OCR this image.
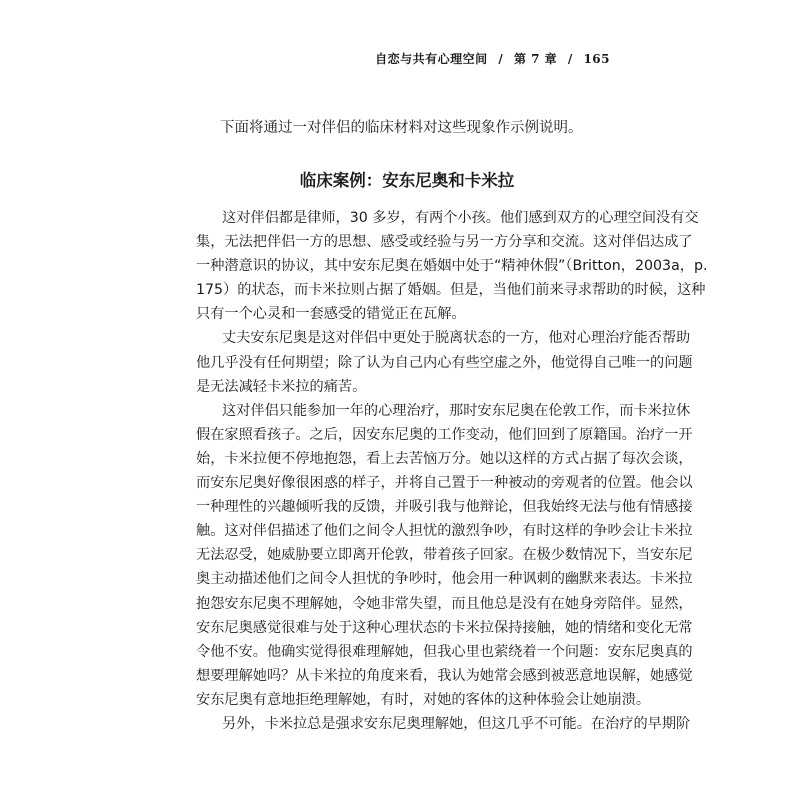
自恋与共有心理空间 / 第 7 章 / 165
下面将通过一对伴侣的临床材料对这些现象作示例说明。
临床案例：安东尼奥和卡米拉
这对伴侣都是律师，30 多岁，有两个小孩。他们感到双方的心理空间没有交
集，无法把伴侣一方的思想、感受或经验与另一方分享和交流。这对伴侣达成了
一种潜意识的协议，其中安东尼奥在婚姻中处于“精神休假”（Britton，2003a，p.
175）的状态，而卡米拉则占据了婚姻。但是，当他们前来寻求帮助的时候，这种
只有一个心灵和一套感受的错觉正在瓦解。
丈夫安东尼奥是这对伴侣中更处于脱离状态的一方，他对心理治疗能否帮助
他几乎没有任何期望；除了认为自己内心有些空虚之外，他觉得自己唯一的问题
是无法减轻卡米拉的痛苦。
这对伴侣只能参加一年的心理治疗，那时安东尼奥在伦敦工作，而卡米拉休
假在家照看孩子。之后，因安东尼奥的工作变动，他们回到了原籍国。治疗一开
始，卡米拉便不停地抱怨，看上去苦恼万分。她以这样的方式占据了每次会谈，
而安东尼奥好像很困惑的样子，并将自己置于一种被动的旁观者的位置。他会以
一种理性的兴趣倾听我的反馈，并吸引我与他辩论，但我始终无法与他有情感接
触。这对伴侣描述了他们之间令人担忧的激烈争吵，有时这样的争吵会让卡米拉
无法忍受，她威胁要立即离开伦敦，带着孩子回家。在极少数情况下，当安东尼
奥主动描述他们之间令人担忧的争吵时，他会用一种讽刺的幽默来表达。卡米拉
抱怨安东尼奥不理解她，令她非常失望，而且他总是没有在她身旁陪伴。显然，
安东尼奥感觉很难与处于这种心理状态的卡米拉保持接触，她的情绪和变化无常
令他不安。他确实觉得很难理解她，但我心里也萦绕着一个问题：安东尼奥真的
想要理解她吗？从卡米拉的角度来看，我认为她常会感到被恶意地误解，她感觉
安东尼奥有意地拒绝理解她，有时，对她的客体的这种体验会让她崩溃。
另外，卡米拉总是强求安东尼奥理解她，但这几乎不可能。在治疗的早期阶
